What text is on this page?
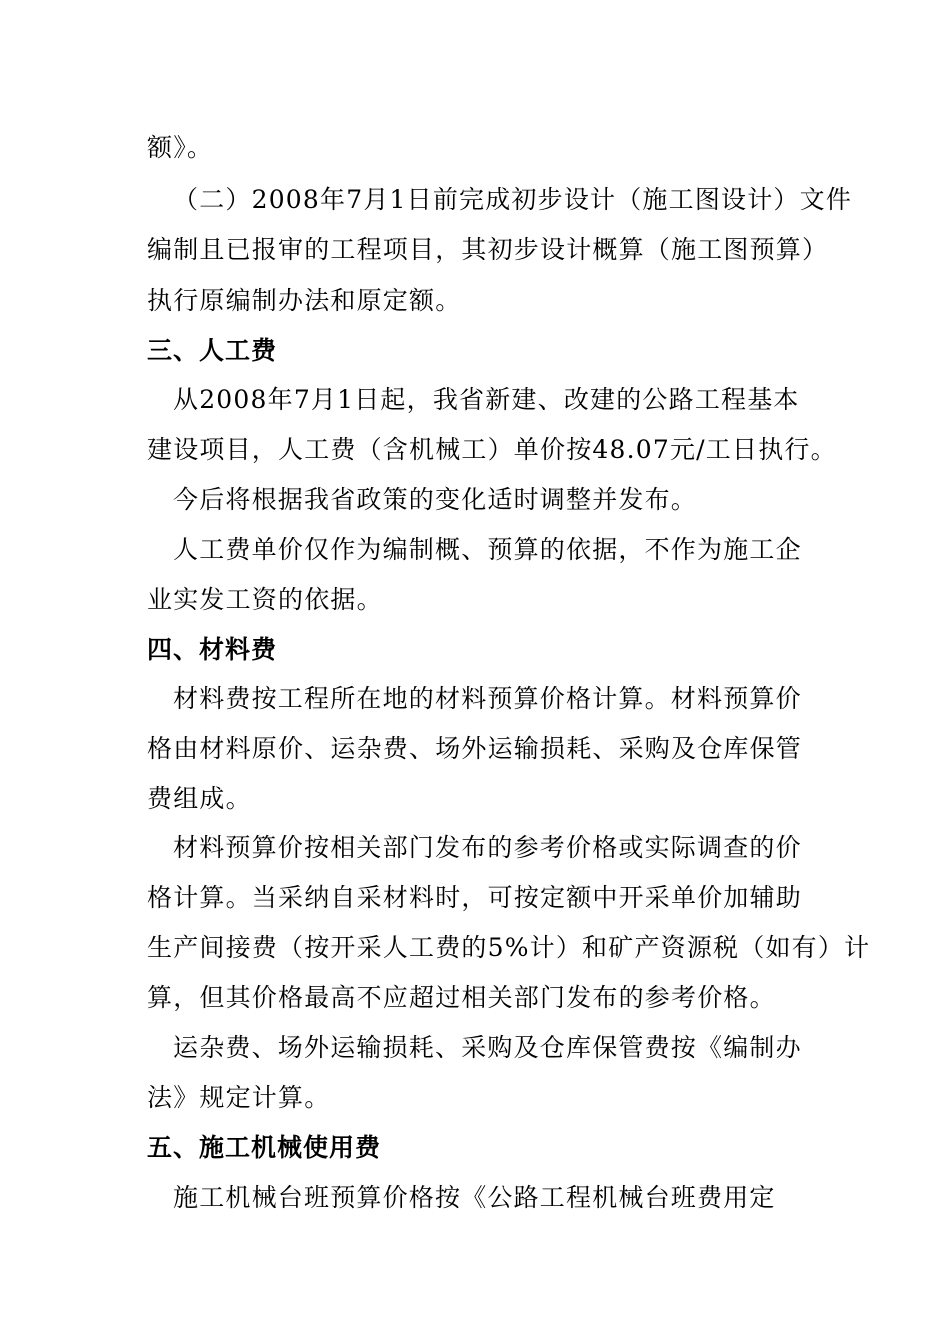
额》。
（二）2008年7月1日前完成初步设计（施工图设计）文件
编制且已报审的工程项目，其初步设计概算（施工图预算）
执行原编制办法和原定额。
三、人工费
从2008年7月1日起，我省新建、改建的公路工程基本
建设项目，人工费（含机械工）单价按48.07元/工日执行。
今后将根据我省政策的变化适时调整并发布。
人工费单价仅作为编制概、预算的依据，不作为施工企
业实发工资的依据。
四、材料费
材料费按工程所在地的材料预算价格计算。材料预算价
格由材料原价、运杂费、场外运输损耗、采购及仓库保管
费组成。
材料预算价按相关部门发布的参考价格或实际调查的价
格计算。当采纳自采材料时，可按定额中开采单价加辅助
生产间接费（按开采人工费的5%计）和矿产资源税（如有）计
算，但其价格最高不应超过相关部门发布的参考价格。
运杂费、场外运输损耗、采购及仓库保管费按《编制办
法》规定计算。
五、施工机械使用费
施工机械台班预算价格按《公路工程机械台班费用定
